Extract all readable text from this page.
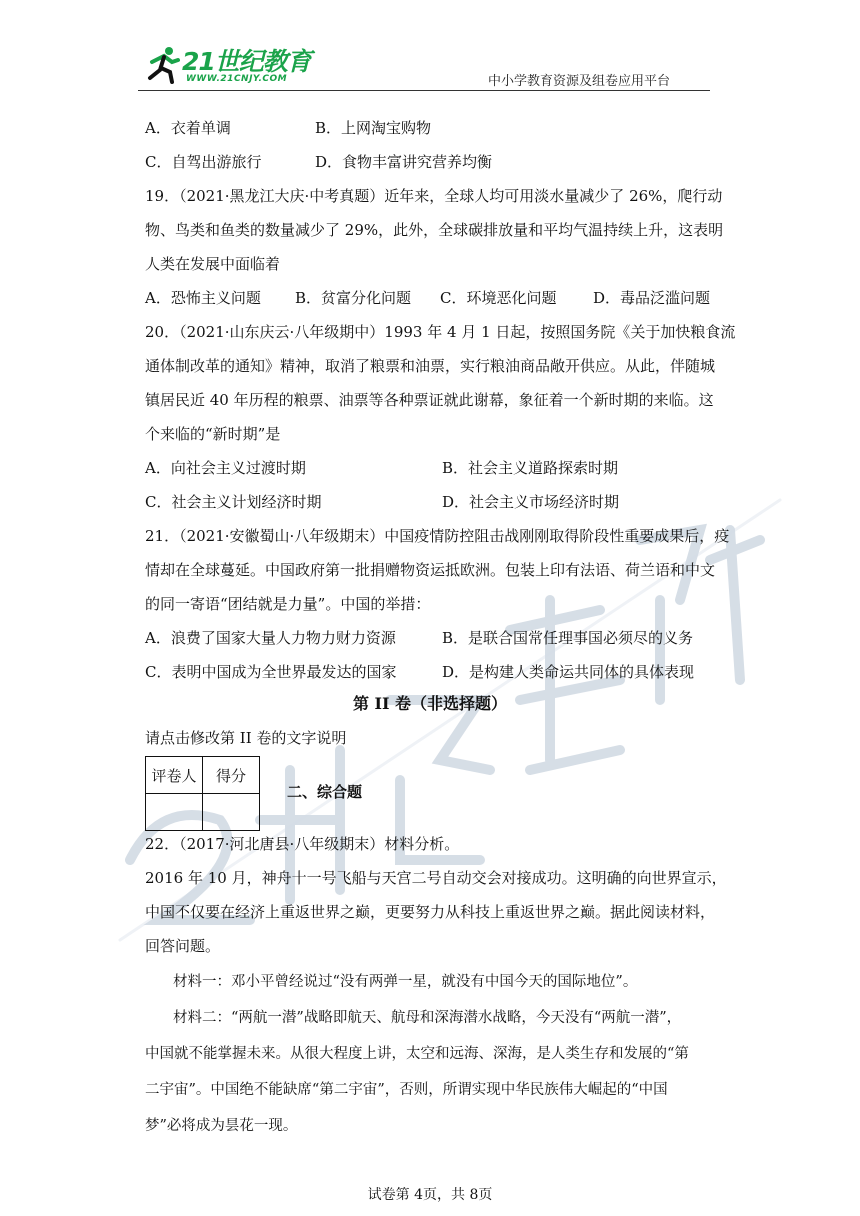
21世纪教育
WWW.21CNJY.COM	中小学教育资源及组卷应用平台
A．衣着单调	B．上网淘宝购物
C．自驾出游旅行	D．食物丰富讲究营养均衡
19．（2021·黑龙江大庆·中考真题）近年来，全球人均可用淡水量减少了 26%，爬行动
物、鸟类和鱼类的数量减少了 29%，此外，全球碳排放量和平均气温持续上升，这表明
人类在发展中面临着
A．恐怖主义问题 B．贫富分化问题 C．环境恶化问题 D．毒品泛滥问题
20．（2021·山东庆云·八年级期中）1993 年 4 月 1 日起，按照国务院《关于加快粮食流
通体制改革的通知》精神，取消了粮票和油票，实行粮油商品敞开供应。从此，伴随城
镇居民近 40 年历程的粮票、油票等各种票证就此谢幕，象征着一个新时期的来临。这
个来临的“新时期”是
A．向社会主义过渡时期	B．社会主义道路探索时期
C．社会主义计划经济时期	D．社会主义市场经济时期
21．（2021·安徽蜀山·八年级期末）中国疫情防控阻击战刚刚取得阶段性重要成果后，疫
情却在全球蔓延。中国政府第一批捐赠物资运抵欧洲。包装上印有法语、荷兰语和中文
的同一寄语“团结就是力量”。中国的举措：
A．浪费了国家大量人力物力财力资源	B．是联合国常任理事国必须尽的义务
C．表明中国成为全世界最发达的国家	D．是构建人类命运共同体的具体表现
第 II 卷（非选择题）
请点击修改第 II 卷的文字说明
评卷人	得分

二、综合题
22．（2017·河北唐县·八年级期末）材料分析。
2016 年 10 月，神舟十一号飞船与天宫二号自动交会对接成功。这明确的向世界宣示，
中国不仅要在经济上重返世界之巅，更要努力从科技上重返世界之巅。据此阅读材料，
回答问题。
材料一：邓小平曾经说过“没有两弹一星，就没有中国今天的国际地位”。
材料二：“两航一潜”战略即航天、航母和深海潜水战略，今天没有“两航一潜”，
中国就不能掌握未来。从很大程度上讲，太空和远海、深海，是人类生存和发展的“第
二宇宙”。中国绝不能缺席“第二宇宙”，否则，所谓实现中华民族伟大崛起的“中国
梦”必将成为昙花一现。
试卷第 4页，共 8页
